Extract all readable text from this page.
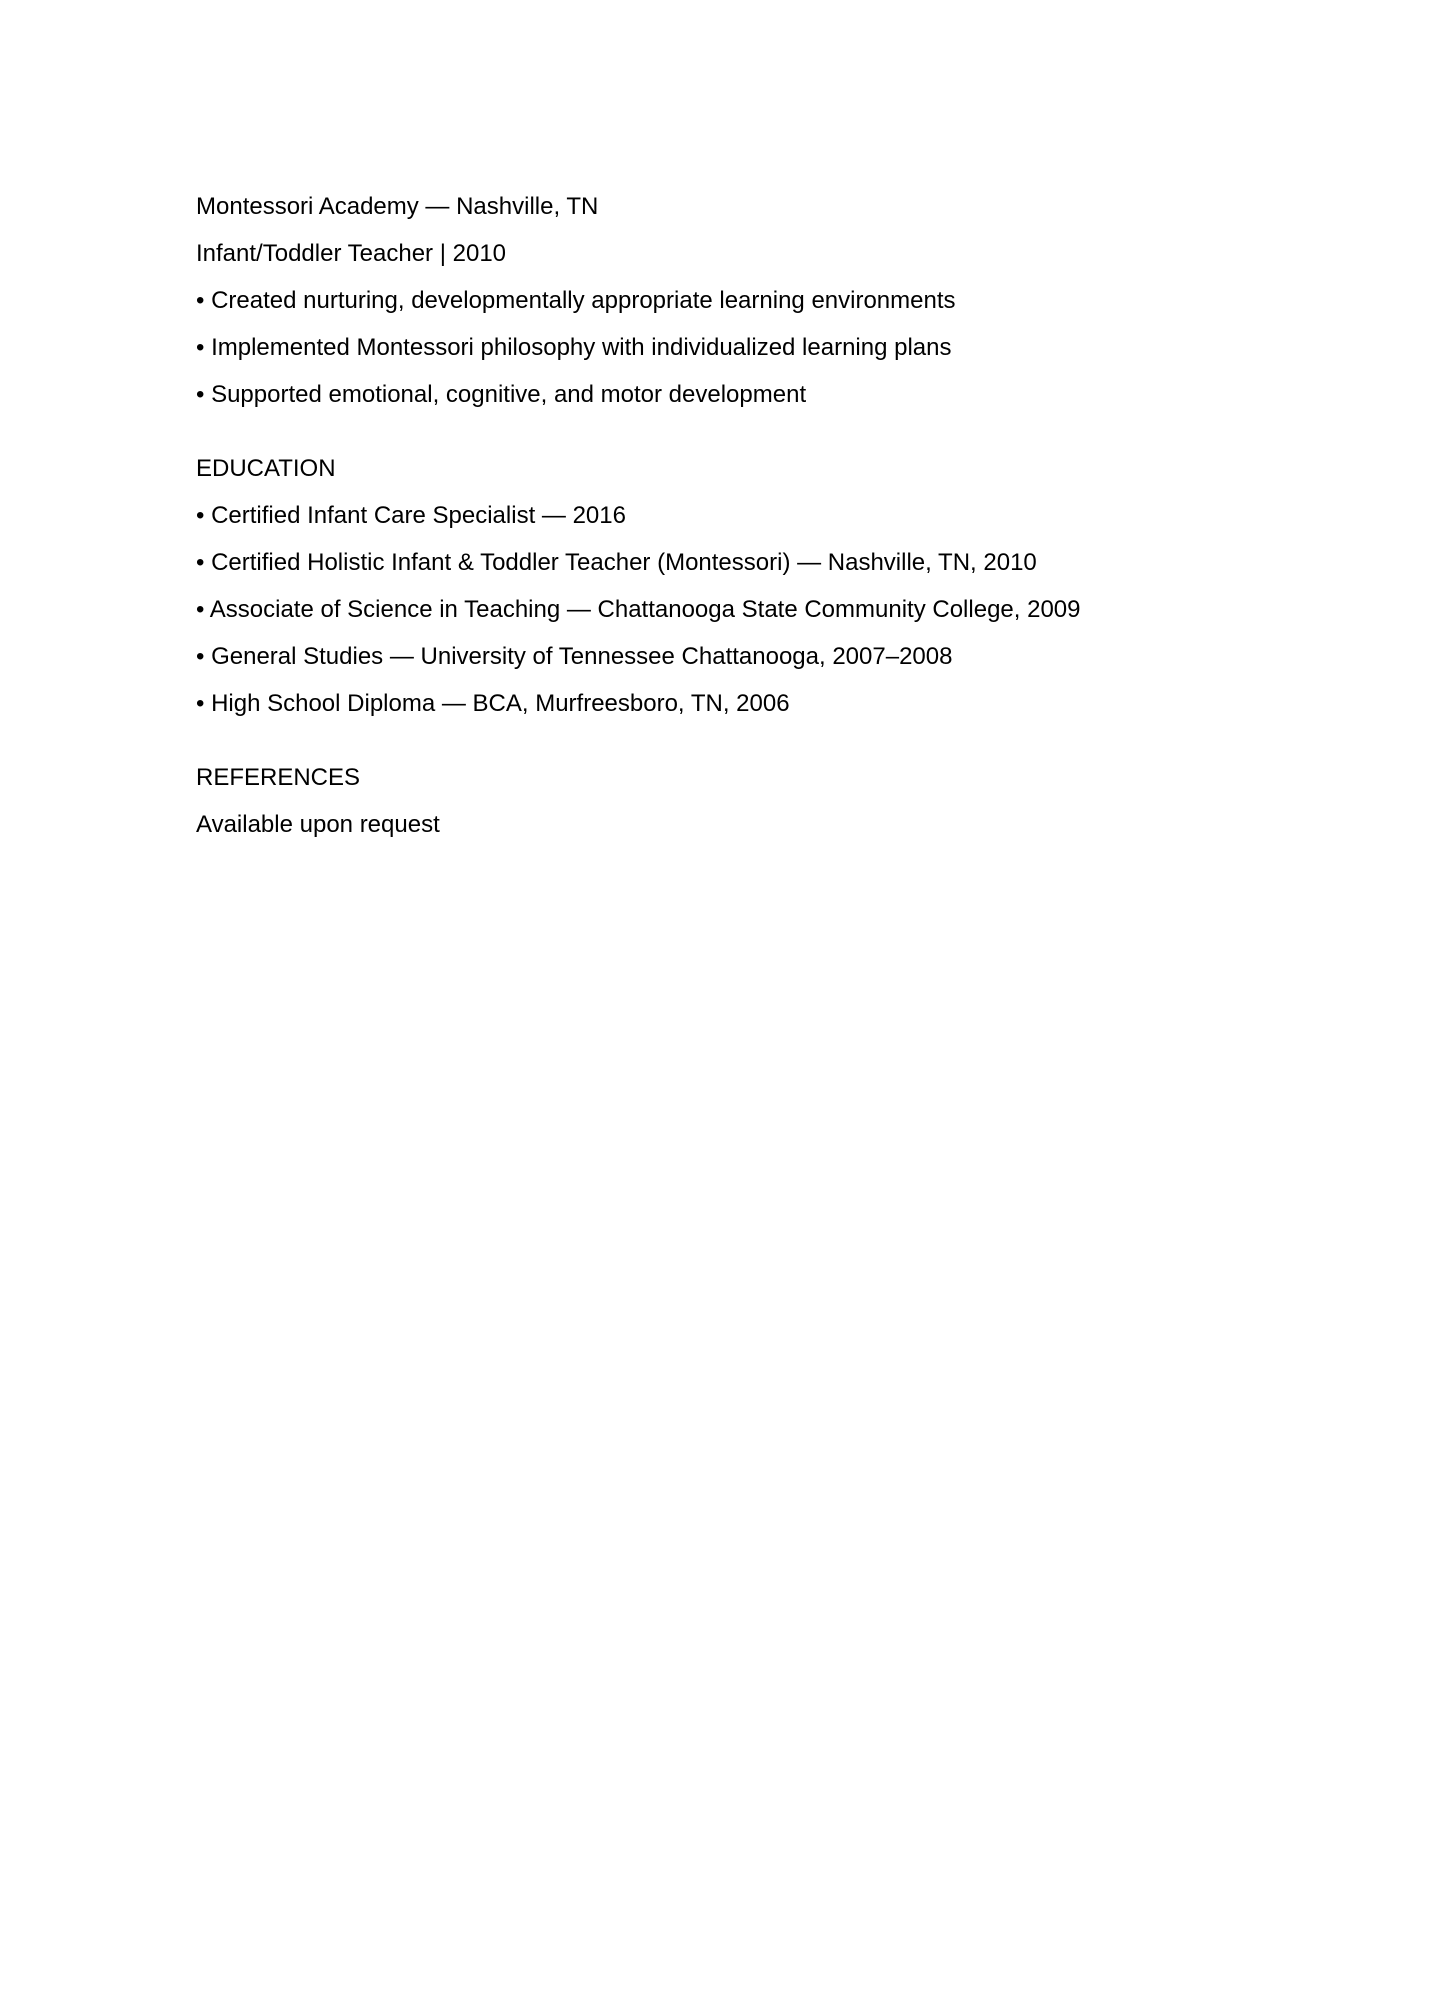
Montessori Academy — Nashville, TN

Infant/Toddler Teacher | 2010

• Created nurturing, developmentally appropriate learning environments

• Implemented Montessori philosophy with individualized learning plans

• Supported emotional, cognitive, and motor development

EDUCATION

• Certified Infant Care Specialist — 2016

• Certified Holistic Infant & Toddler Teacher (Montessori) — Nashville, TN, 2010

• Associate of Science in Teaching — Chattanooga State Community College, 2009

• General Studies — University of Tennessee Chattanooga, 2007–2008

• High School Diploma — BCA, Murfreesboro, TN, 2006

REFERENCES

Available upon request
